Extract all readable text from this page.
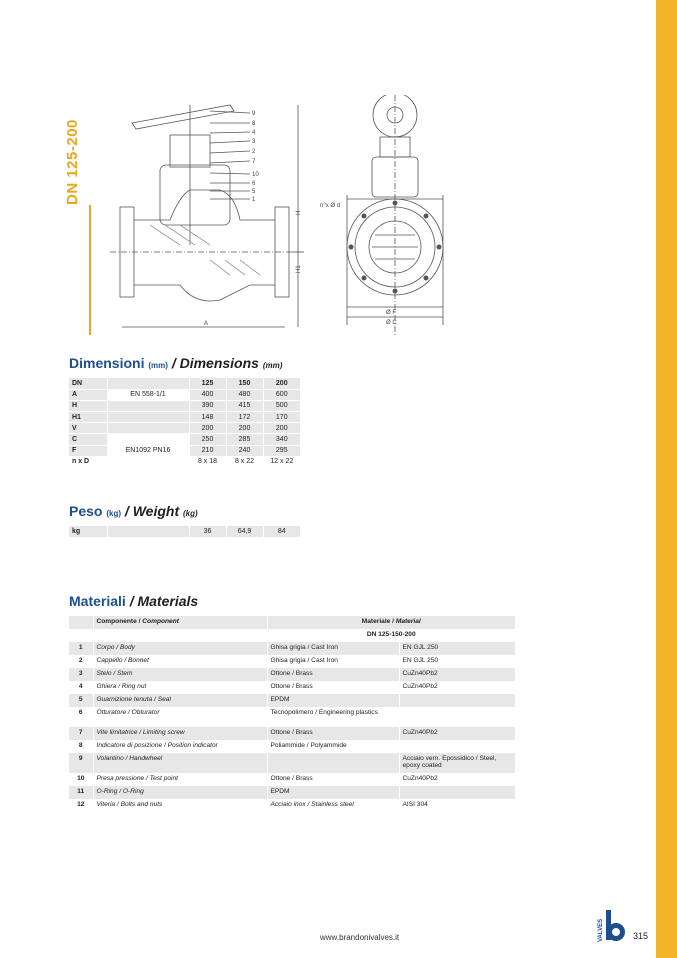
DN 125-200
9
8
4
3
2
7
10
6
5
1
A
H
H1
n°x Ø d
Ø F
Ø C
Dimensioni (mm) / Dimensions (mm)
DN		125	150	200
A	EN 558-1/1	400	480	600
H		390	415	500
H1		148	172	170
V		200	200	200
C		250	285	340
F	EN1092 PN16	210	240	295
n x D		8 x 18	8 x 22	12 x 22
Peso (kg) / Weight (kg)
kg		36	64,9	84
Materiali / Materials
	Componente / Component	Materiale / Material	
		DN 125-150-200	
1	Corpo / Body	Ghisa grigia / Cast Iron	EN GJL 250
2	Cappello / Bonnet	Ghisa grigia / Cast Iron	EN GJL 250
3	Stelo / Stem	Ottone / Brass	CuZn40Pb2
4	Ghiera / Ring nut	Ottone / Brass	CuZn40Pb2
5	Guarnizione tenuta / Seal	EPDM	
6	Otturatore / Obturator	Tecnopolimero / Engineering plastics	
7	Vite limitatrice / Limiting screw	Ottone / Brass	CuZn40Pb2
8	Indicatore di posizione / Position indicator	Poliammide / Polyammide	
9	Volantino / Handwheel		Acciaio vern. Epossidico / Steel, epoxy coated
10	Presa pressione / Test point	Ottone / Brass	CuZn40Pb2
11	O-Ring / O-Ring	EPDM	
12	Viteria / Bolts and nuts	Acciaio inox / Stainless steel	AISI 304
www.brandonivalves.it	VALVES	315
